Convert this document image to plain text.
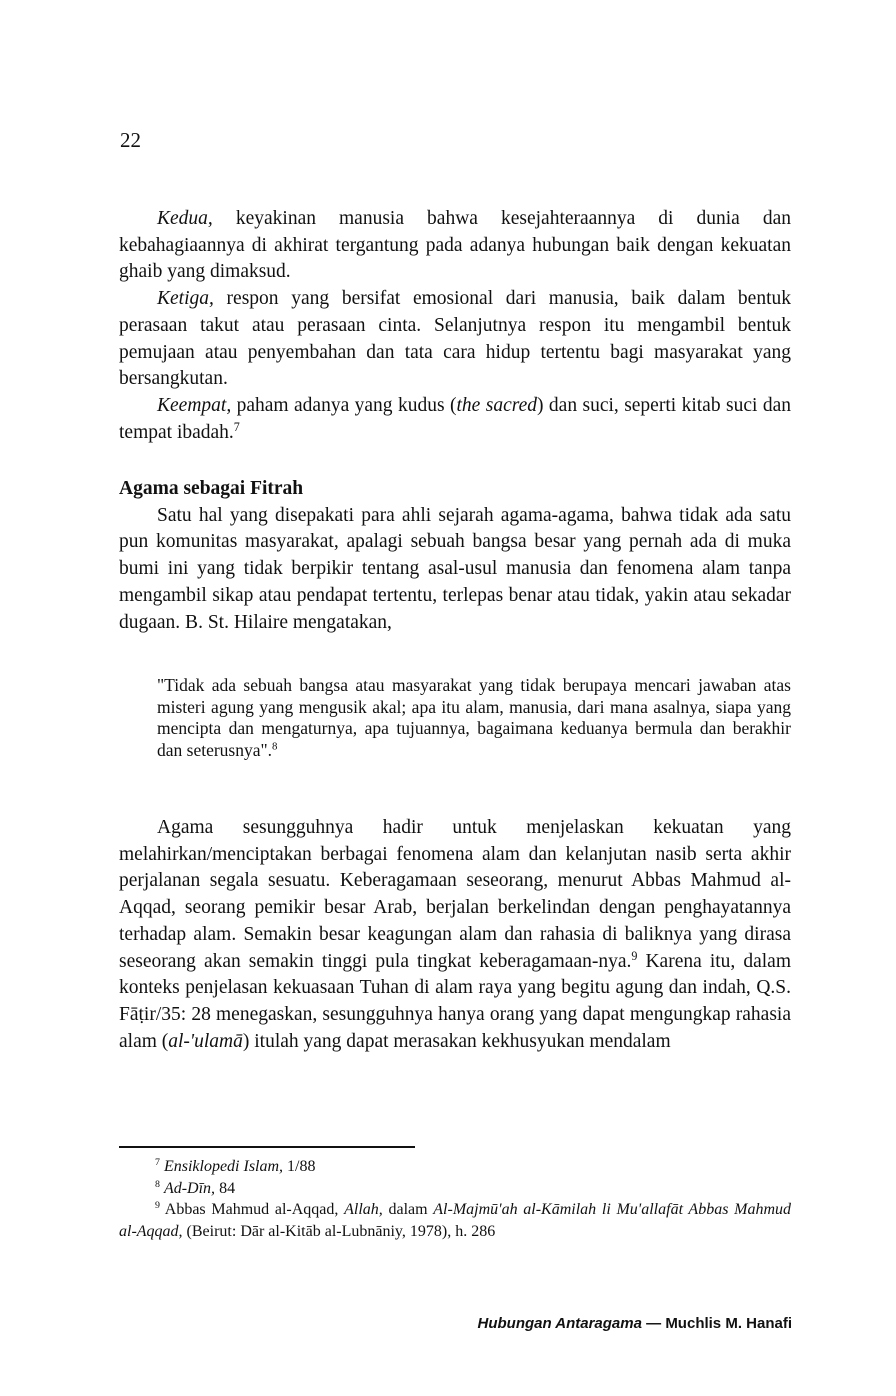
22

Kedua, keyakinan manusia bahwa kesejahteraannya di dunia dan kebahagiaannya di akhirat tergantung pada adanya hubungan baik dengan kekuatan ghaib yang dimaksud.

Ketiga, respon yang bersifat emosional dari manusia, baik dalam bentuk perasaan takut atau perasaan cinta. Selanjutnya respon itu mengambil bentuk pemujaan atau penyembahan dan tata cara hidup tertentu bagi masyarakat yang bersangkutan.

Keempat, paham adanya yang kudus (the sacred) dan suci, seperti kitab suci dan tempat ibadah.$^7$

Agama sebagai Fitrah

Satu hal yang disepakati para ahli sejarah agama-agama, bahwa tidak ada satu pun komunitas masyarakat, apalagi sebuah bangsa besar yang pernah ada di muka bumi ini yang tidak berpikir tentang asal-usul manusia dan fenomena alam tanpa mengambil sikap atau pendapat tertentu, terlepas benar atau tidak, yakin atau sekadar dugaan. B. St. Hilaire mengatakan,

"Tidak ada sebuah bangsa atau masyarakat yang tidak berupaya mencari jawaban atas misteri agung yang mengusik akal; apa itu alam, manusia, dari mana asalnya, siapa yang mencipta dan mengaturnya, apa tujuannya, bagaimana keduanya bermula dan berakhir dan seterusnya".$^8$

Agama sesungguhnya hadir untuk menjelaskan kekuatan yang melahirkan/menciptakan berbagai fenomena alam dan kelanjutan nasib serta akhir perjalanan segala sesuatu. Keberagamaan seseorang, menurut Abbas Mahmud al-Aqqad, seorang pemikir besar Arab, berjalan berkelindan dengan penghayatannya terhadap alam. Semakin besar keagungan alam dan rahasia di baliknya yang dirasa seseorang akan semakin tinggi pula tingkat keberagamaan-nya.$^9$ Karena itu, dalam konteks penjelasan kekuasaan Tuhan di alam raya yang begitu agung dan indah, Q.S. Fāṭir/35: 28 menegaskan, sesungguhnya hanya orang yang dapat mengungkap rahasia alam (al-'ulamā) itulah yang dapat merasakan kekhusyukan mendalam

$^7$ Ensiklopedi Islam, 1/88

$^8$ Ad-Dīn, 84

$^9$ Abbas Mahmud al-Aqqad, Allah, dalam Al-Majmū'ah al-Kāmilah li Mu'allafāt Abbas Mahmud al-Aqqad, (Beirut: Dār al-Kitāb al-Lubnāniy, 1978), h. 286

Hubungan Antaragama — Muchlis M. Hanafi
